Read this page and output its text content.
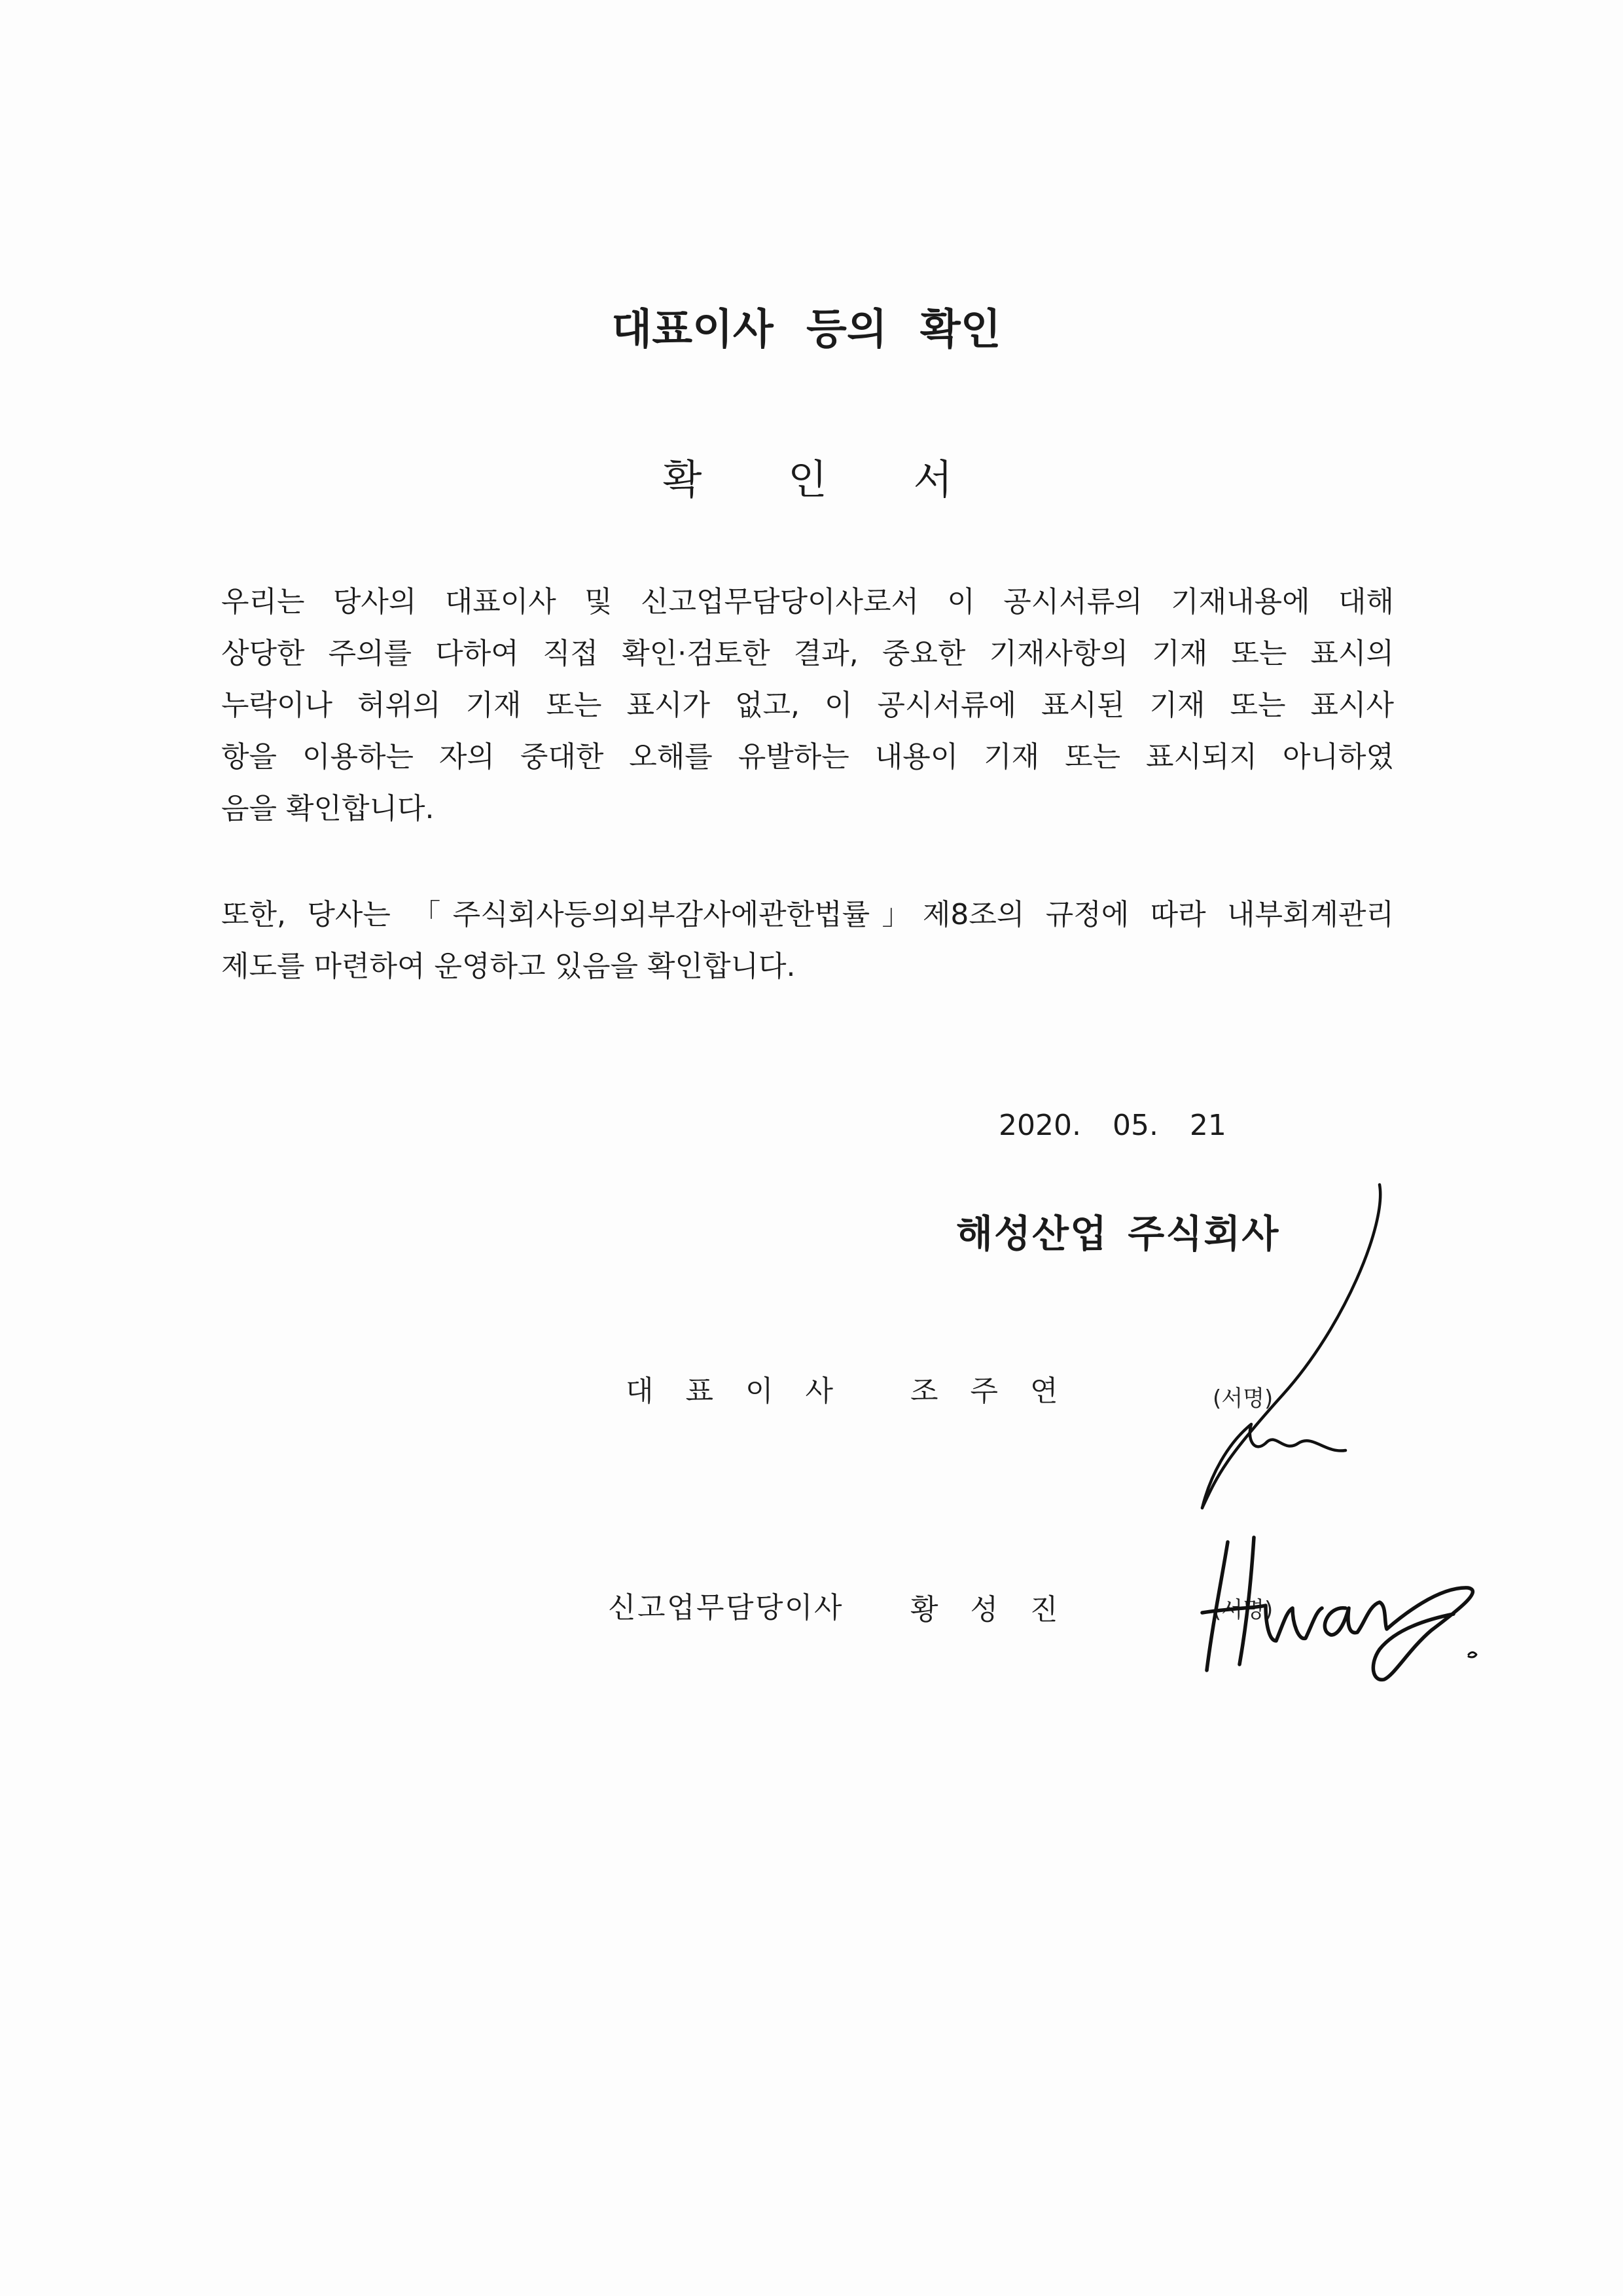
대표이사 등의 확인
확 인 서
우리는 당사의 대표이사 및 신고업무담당이사로서 이 공시서류의 기재내용에 대해
상당한 주의를 다하여 직접 확인·검토한 결과, 중요한 기재사항의 기재 또는 표시의
누락이나 허위의 기재 또는 표시가 없고, 이 공시서류에 표시된 기재 또는 표시사
항을 이용하는 자의 중대한 오해를 유발하는 내용이 기재 또는 표시되지 아니하였
음을 확인합니다.
또한, 당사는 「주식회사등의외부감사에관한법률」제8조의 규정에 따라 내부회계관리
제도를 마련하여 운영하고 있음을 확인합니다.
2020. 05. 21
해성산업 주식회사
대 표 이 사	조 주 연	(서명)
신고업무담당이사 황 성 진	(서명)
